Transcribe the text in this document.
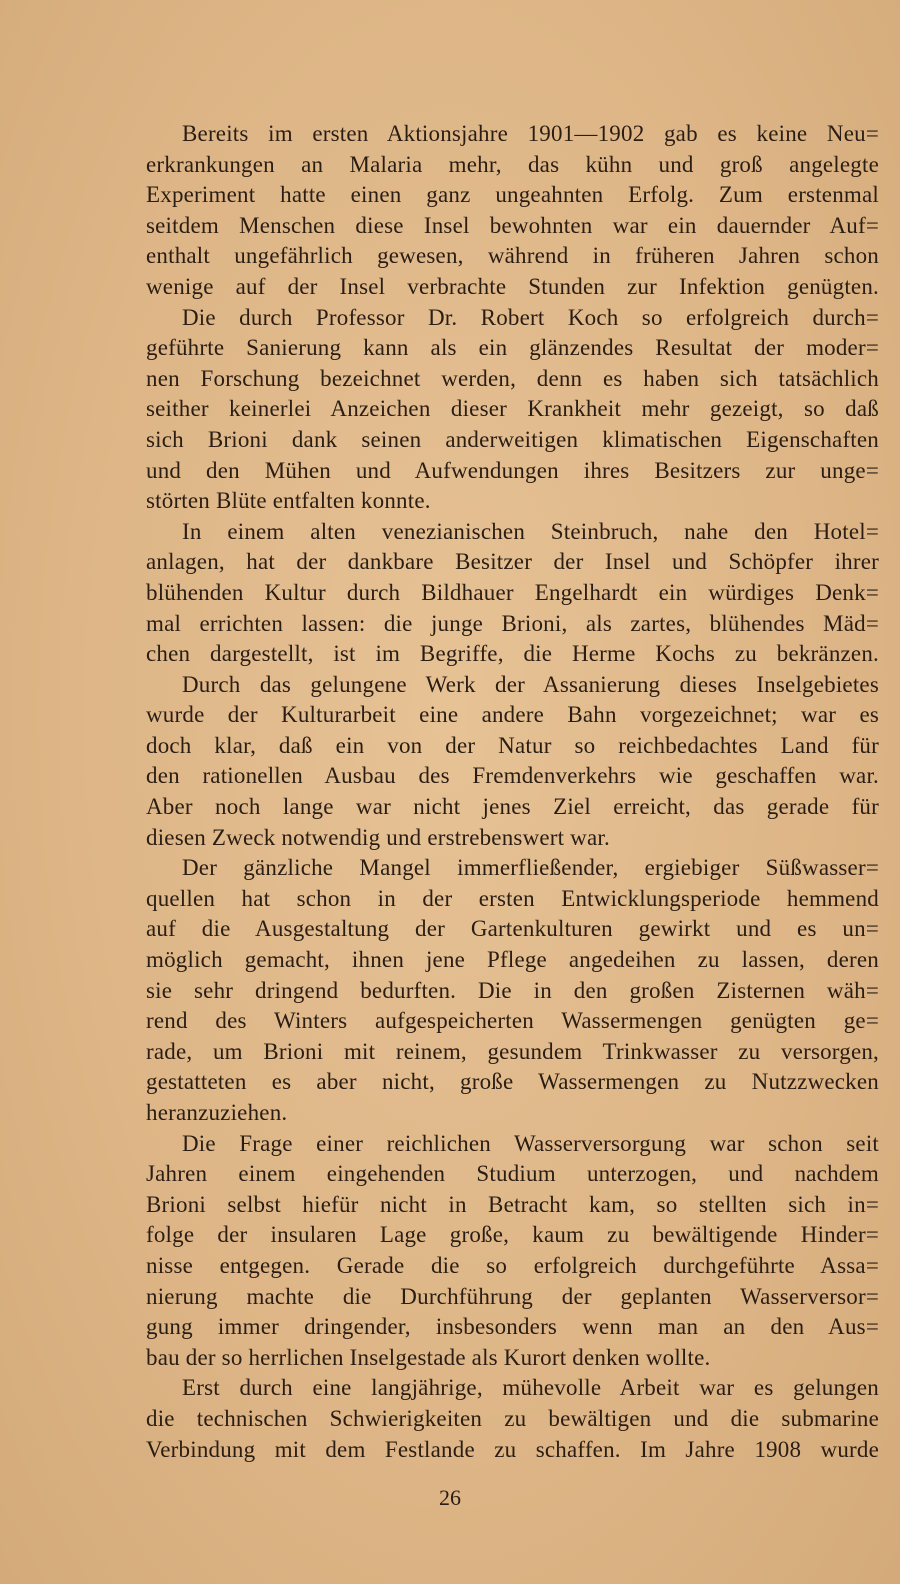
Bereits im ersten Aktionsjahre 1901—1902 gab es keine Neu=
erkrankungen an Malaria mehr, das kühn und groß angelegte
Experiment hatte einen ganz ungeahnten Erfolg. Zum erstenmal
seitdem Menschen diese Insel bewohnten war ein dauernder Auf=
enthalt ungefährlich gewesen, während in früheren Jahren schon
wenige auf der Insel verbrachte Stunden zur Infektion genügten.
Die durch Professor Dr. Robert Koch so erfolgreich durch=
geführte Sanierung kann als ein glänzendes Resultat der moder=
nen Forschung bezeichnet werden, denn es haben sich tatsächlich
seither keinerlei Anzeichen dieser Krankheit mehr gezeigt, so daß
sich Brioni dank seinen anderweitigen klimatischen Eigenschaften
und den Mühen und Aufwendungen ihres Besitzers zur unge=
störten Blüte entfalten konnte.
In einem alten venezianischen Steinbruch, nahe den Hotel=
anlagen, hat der dankbare Besitzer der Insel und Schöpfer ihrer
blühenden Kultur durch Bildhauer Engelhardt ein würdiges Denk=
mal errichten lassen: die junge Brioni, als zartes, blühendes Mäd=
chen dargestellt, ist im Begriffe, die Herme Kochs zu bekränzen.
Durch das gelungene Werk der Assanierung dieses Inselgebietes
wurde der Kulturarbeit eine andere Bahn vorgezeichnet; war es
doch klar, daß ein von der Natur so reichbedachtes Land für
den rationellen Ausbau des Fremdenverkehrs wie geschaffen war.
Aber noch lange war nicht jenes Ziel erreicht, das gerade für
diesen Zweck notwendig und erstrebenswert war.
Der gänzliche Mangel immerfließender, ergiebiger Süßwasser=
quellen hat schon in der ersten Entwicklungsperiode hemmend
auf die Ausgestaltung der Gartenkulturen gewirkt und es un=
möglich gemacht, ihnen jene Pflege angedeihen zu lassen, deren
sie sehr dringend bedurften. Die in den großen Zisternen wäh=
rend des Winters aufgespeicherten Wassermengen genügten ge=
rade, um Brioni mit reinem, gesundem Trinkwasser zu versorgen,
gestatteten es aber nicht, große Wassermengen zu Nutzzwecken
heranzuziehen.
Die Frage einer reichlichen Wasserversorgung war schon seit
Jahren einem eingehenden Studium unterzogen, und nachdem
Brioni selbst hiefür nicht in Betracht kam, so stellten sich in=
folge der insularen Lage große, kaum zu bewältigende Hinder=
nisse entgegen. Gerade die so erfolgreich durchgeführte Assa=
nierung machte die Durchführung der geplanten Wasserversor=
gung immer dringender, insbesonders wenn man an den Aus=
bau der so herrlichen Inselgestade als Kurort denken wollte.
Erst durch eine langjährige, mühevolle Arbeit war es gelungen
die technischen Schwierigkeiten zu bewältigen und die submarine
Verbindung mit dem Festlande zu schaffen. Im Jahre 1908 wurde
26
